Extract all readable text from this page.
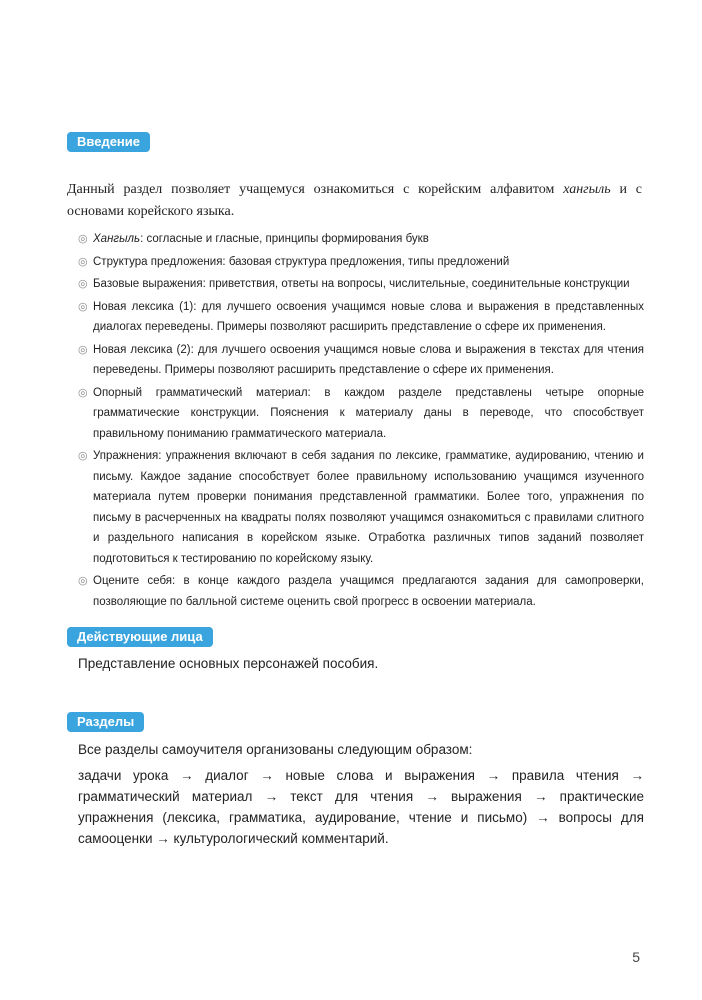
Введение

Данный раздел позволяет учащемуся ознакомиться с корейским алфавитом хангыль и с основами корейского языка.

◎ Хангыль: согласные и гласные, принципы формирования букв
◎ Структура предложения: базовая структура предложения, типы предложений
◎ Базовые выражения: приветствия, ответы на вопросы, числительные, соединительные конструкции
◎ Новая лексика (1): для лучшего освоения учащимся новые слова и выражения в представленных диалогах переведены. Примеры позволяют расширить представление о сфере их применения.
◎ Новая лексика (2): для лучшего освоения учащимся новые слова и выражения в текстах для чтения переведены. Примеры позволяют расширить представление о сфере их применения.
◎ Опорный грамматический материал: в каждом разделе представлены четыре опорные грамматические конструкции. Пояснения к материалу даны в переводе, что способствует правильному пониманию грамматического материала.
◎ Упражнения: упражнения включают в себя задания по лексике, грамматике, аудированию, чтению и письму. Каждое задание способствует более правильному использованию учащимся изученного материала путем проверки понимания представленной грамматики. Более того, упражнения по письму в расчерченных на квадраты полях позволяют учащимся ознакомиться с правилами слитного и раздельного написания в корейском языке. Отработка различных типов заданий позволяет подготовиться к тестированию по корейскому языку.
◎ Оцените себя: в конце каждого раздела учащимся предлагаются задания для самопроверки, позволяющие по балльной системе оценить свой прогресс в освоении материала.
Действующие лица

Представление основных персонажей пособия.

Разделы

Все разделы самоучителя организованы следующим образом:

задачи урока → диалог → новые слова и выражения → правила чтения → грамматический материал → текст для чтения → выражения → практические упражнения (лексика, грамматика, аудирование, чтение и письмо) → вопросы для самооценки → культурологический комментарий.

5
